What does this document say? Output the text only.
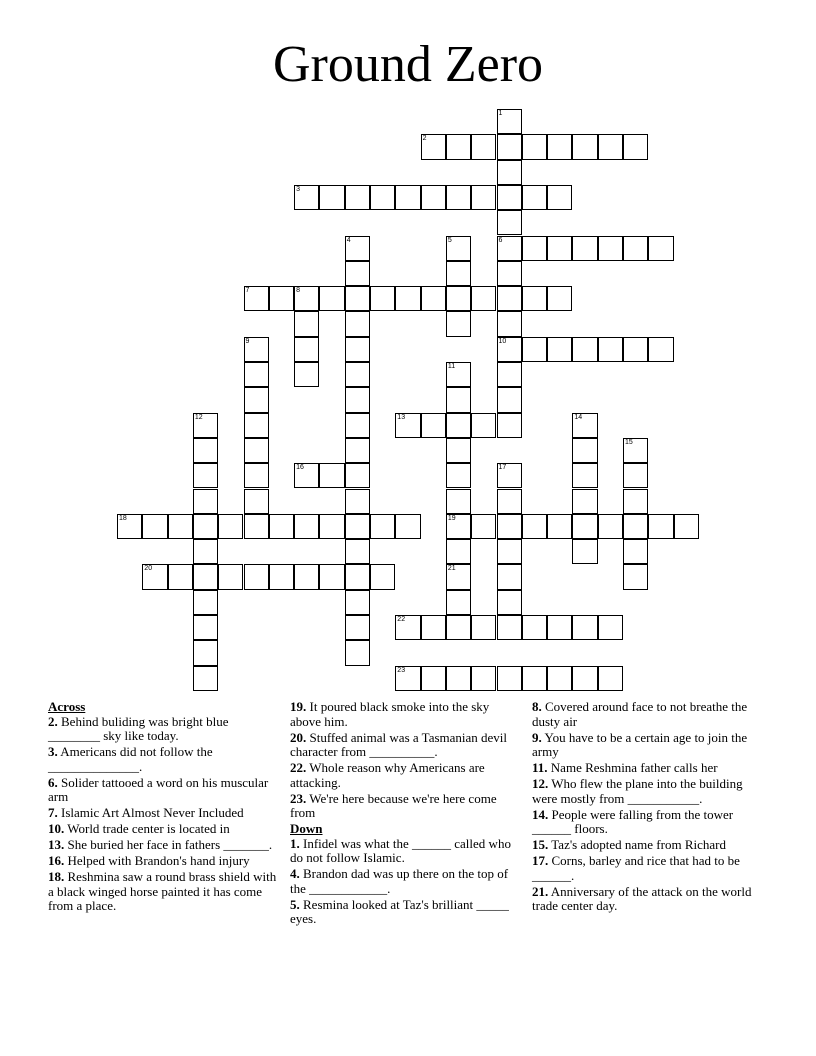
Ground Zero
1
6
10
2
3
4	5
7	8
9
11
19
21
12	13	14
15
16	17
18
20
22
23
Across
2. Behind buliding was bright blue ________ sky like today.
3. Americans did not follow the ______________.
6. Solider tattooed a word on his muscular arm
7. Islamic Art Almost Never Included
10. World trade center is located in
13. She buried her face in fathers _______.
16. Helped with Brandon's hand injury
18. Reshmina saw a round brass shield with a black winged horse painted it has come from a place.
19. It poured black smoke into the sky above him.
20. Stuffed animal was a Tasmanian devil character from __________.
22. Whole reason why Americans are attacking.
23. We're here because we're here come from
Down
1. Infidel was what the ______ called who do not follow Islamic.
4. Brandon dad was up there on the top of the ____________.
5. Resmina looked at Taz's brilliant _____ eyes.
8. Covered around face to not breathe the dusty air
9. You have to be a certain age to join the army
11. Name Reshmina father calls her
12. Who flew the plane into the building were mostly from ___________.
14. People were falling from the tower ______ floors.
15. Taz's adopted name from Richard
17. Corns, barley and rice that had to be ______.
21. Anniversary of the attack on the world trade center day.
